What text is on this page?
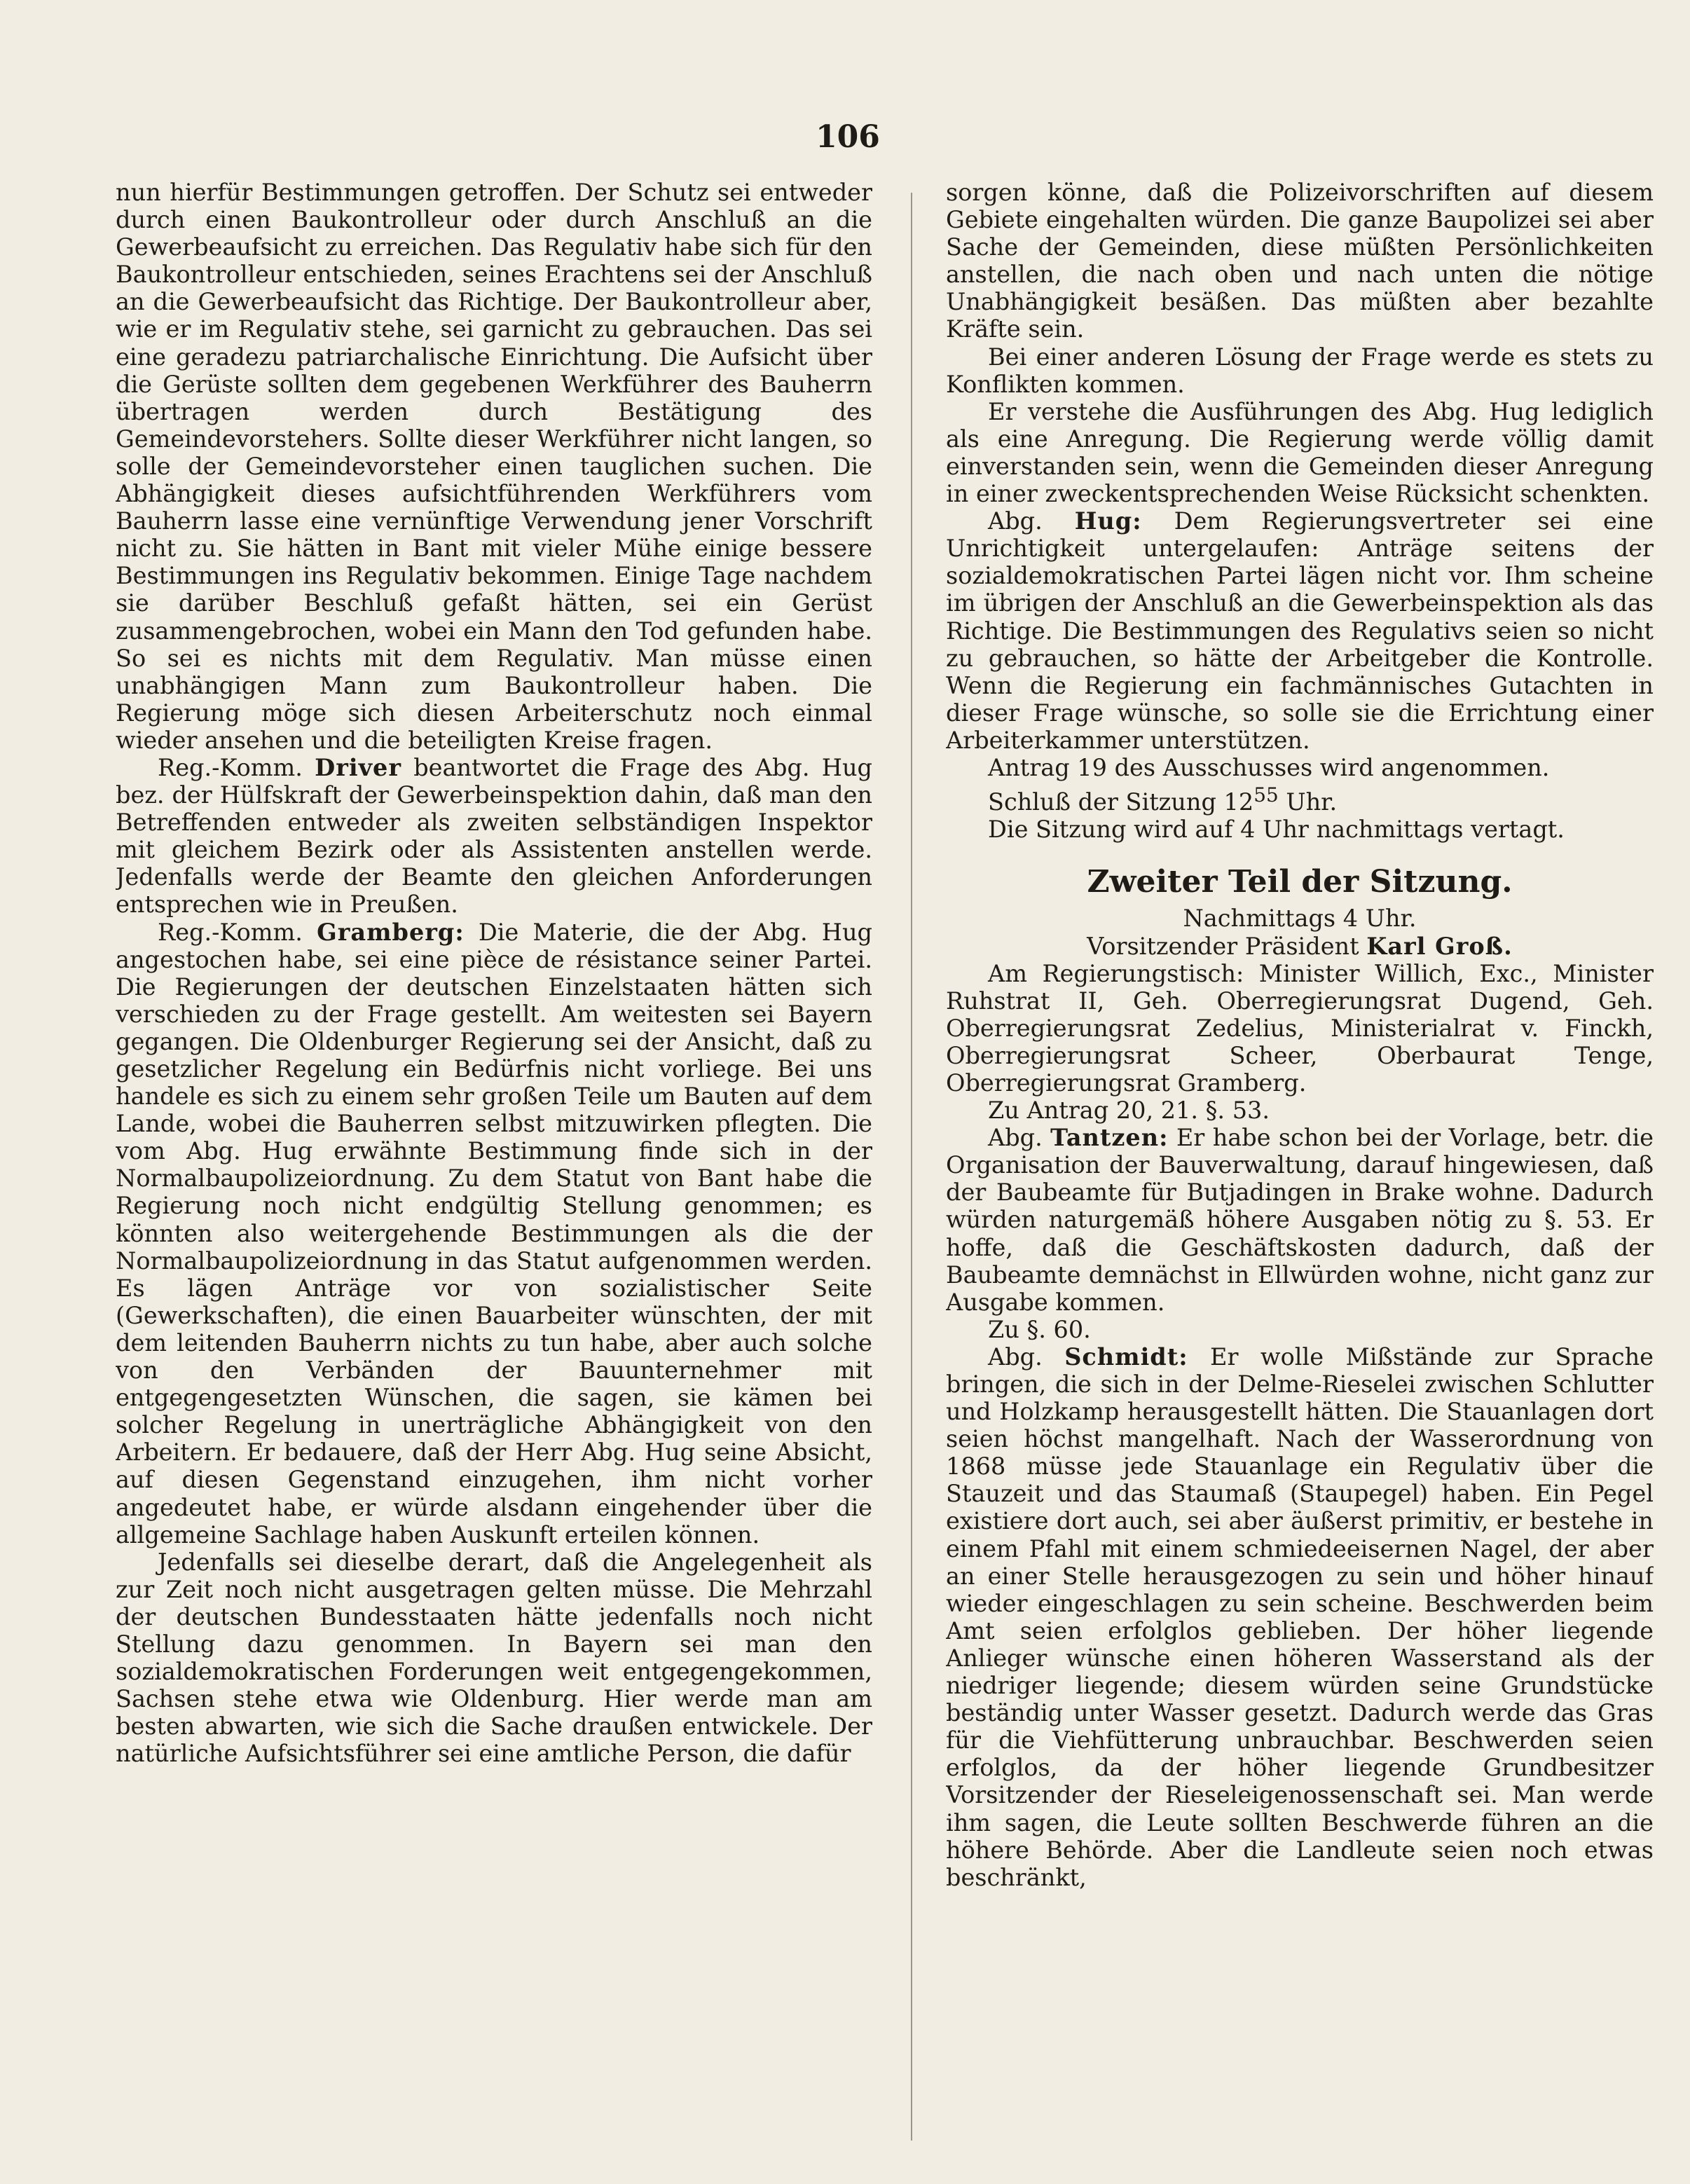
106

nun hierfür Bestimmungen getroffen. Der Schutz sei entweder durch einen Baukontrolleur oder durch Anschluß an die Gewerbeaufsicht zu erreichen. Das Regulativ habe sich für den Baukontrolleur entschieden, seines Erachtens sei der Anschluß an die Gewerbeaufsicht das Richtige. Der Baukontrolleur aber, wie er im Regulativ stehe, sei garnicht zu gebrauchen. Das sei eine geradezu patriarchalische Einrichtung. Die Aufsicht über die Gerüste sollten dem gegebenen Werkführer des Bauherrn übertragen werden durch Bestätigung des Gemeindevorstehers. Sollte dieser Werkführer nicht langen, so solle der Gemeindevorsteher einen tauglichen suchen. Die Abhängigkeit dieses aufsichtführenden Werkführers vom Bauherrn lasse eine vernünftige Verwendung jener Vorschrift nicht zu. Sie hätten in Bant mit vieler Mühe einige bessere Bestimmungen ins Regulativ bekommen. Einige Tage nachdem sie darüber Beschluß gefaßt hätten, sei ein Gerüst zusammengebrochen, wobei ein Mann den Tod gefunden habe. So sei es nichts mit dem Regulativ. Man müsse einen unabhängigen Mann zum Baukontrolleur haben. Die Regierung möge sich diesen Arbeiterschutz noch einmal wieder ansehen und die beteiligten Kreise fragen.

Reg.-Komm. Driver beantwortet die Frage des Abg. Hug bez. der Hülfskraft der Gewerbeinspektion dahin, daß man den Betreffenden entweder als zweiten selbständigen Inspektor mit gleichem Bezirk oder als Assistenten anstellen werde. Jedenfalls werde der Beamte den gleichen Anforderungen entsprechen wie in Preußen.

Reg.-Komm. Gramberg: Die Materie, die der Abg. Hug angestochen habe, sei eine pièce de résistance seiner Partei. Die Regierungen der deutschen Einzelstaaten hätten sich verschieden zu der Frage gestellt. Am weitesten sei Bayern gegangen. Die Oldenburger Regierung sei der Ansicht, daß zu gesetzlicher Regelung ein Bedürfnis nicht vorliege. Bei uns handele es sich zu einem sehr großen Teile um Bauten auf dem Lande, wobei die Bauherren selbst mitzuwirken pflegten. Die vom Abg. Hug erwähnte Bestimmung finde sich in der Normalbaupolizeiordnung. Zu dem Statut von Bant habe die Regierung noch nicht endgültig Stellung genommen; es könnten also weitergehende Bestimmungen als die der Normalbaupolizeiordnung in das Statut aufgenommen werden. Es lägen Anträge vor von sozialistischer Seite (Gewerkschaften), die einen Bauarbeiter wünschten, der mit dem leitenden Bauherrn nichts zu tun habe, aber auch solche von den Verbänden der Bauunternehmer mit entgegengesetzten Wünschen, die sagen, sie kämen bei solcher Regelung in unerträgliche Abhängigkeit von den Arbeitern. Er bedauere, daß der Herr Abg. Hug seine Absicht, auf diesen Gegenstand einzugehen, ihm nicht vorher angedeutet habe, er würde alsdann eingehender über die allgemeine Sachlage haben Auskunft erteilen können.

Jedenfalls sei dieselbe derart, daß die Angelegenheit als zur Zeit noch nicht ausgetragen gelten müsse. Die Mehrzahl der deutschen Bundesstaaten hätte jedenfalls noch nicht Stellung dazu genommen. In Bayern sei man den sozialdemokratischen Forderungen weit entgegengekommen, Sachsen stehe etwa wie Oldenburg. Hier werde man am besten abwarten, wie sich die Sache draußen entwickele. Der natürliche Aufsichtsführer sei eine amtliche Person, die dafür

sorgen könne, daß die Polizeivorschriften auf diesem Gebiete eingehalten würden. Die ganze Baupolizei sei aber Sache der Gemeinden, diese müßten Persönlichkeiten anstellen, die nach oben und nach unten die nötige Unabhängigkeit besäßen. Das müßten aber bezahlte Kräfte sein.

Bei einer anderen Lösung der Frage werde es stets zu Konflikten kommen.

Er verstehe die Ausführungen des Abg. Hug lediglich als eine Anregung. Die Regierung werde völlig damit einverstanden sein, wenn die Gemeinden dieser Anregung in einer zweckentsprechenden Weise Rücksicht schenkten.

Abg. Hug: Dem Regierungsvertreter sei eine Unrichtigkeit untergelaufen: Anträge seitens der sozialdemokratischen Partei lägen nicht vor. Ihm scheine im übrigen der Anschluß an die Gewerbeinspektion als das Richtige. Die Bestimmungen des Regulativs seien so nicht zu gebrauchen, so hätte der Arbeitgeber die Kontrolle. Wenn die Regierung ein fachmännisches Gutachten in dieser Frage wünsche, so solle sie die Errichtung einer Arbeiterkammer unterstützen.

Antrag 19 des Ausschusses wird angenommen.

Schluß der Sitzung $12^{55}$ Uhr.

Die Sitzung wird auf 4 Uhr nachmittags vertagt.

Zweiter Teil der Sitzung.

Nachmittags 4 Uhr.

Vorsitzender Präsident Karl Groß.

Am Regierungstisch: Minister Willich, Exc., Minister Ruhstrat II, Geh. Oberregierungsrat Dugend, Geh. Oberregierungsrat Zedelius, Ministerialrat v. Finckh, Oberregierungsrat Scheer, Oberbaurat Tenge, Oberregierungsrat Gramberg.

Zu Antrag 20, 21. §. 53.

Abg. Tantzen: Er habe schon bei der Vorlage, betr. die Organisation der Bauverwaltung, darauf hingewiesen, daß der Baubeamte für Butjadingen in Brake wohne. Dadurch würden naturgemäß höhere Ausgaben nötig zu §. 53. Er hoffe, daß die Geschäftskosten dadurch, daß der Baubeamte demnächst in Ellwürden wohne, nicht ganz zur Ausgabe kommen.

Zu §. 60.

Abg. Schmidt: Er wolle Mißstände zur Sprache bringen, die sich in der Delme-Rieselei zwischen Schlutter und Holzkamp herausgestellt hätten. Die Stauanlagen dort seien höchst mangelhaft. Nach der Wasserordnung von 1868 müsse jede Stauanlage ein Regulativ über die Stauzeit und das Staumaß (Staupegel) haben. Ein Pegel existiere dort auch, sei aber äußerst primitiv, er bestehe in einem Pfahl mit einem schmiedeeisernen Nagel, der aber an einer Stelle herausgezogen zu sein und höher hinauf wieder eingeschlagen zu sein scheine. Beschwerden beim Amt seien erfolglos geblieben. Der höher liegende Anlieger wünsche einen höheren Wasserstand als der niedriger liegende; diesem würden seine Grundstücke beständig unter Wasser gesetzt. Dadurch werde das Gras für die Viehfütterung unbrauchbar. Beschwerden seien erfolglos, da der höher liegende Grundbesitzer Vorsitzender der Rieseleigenossenschaft sei. Man werde ihm sagen, die Leute sollten Beschwerde führen an die höhere Behörde. Aber die Landleute seien noch etwas beschränkt,
